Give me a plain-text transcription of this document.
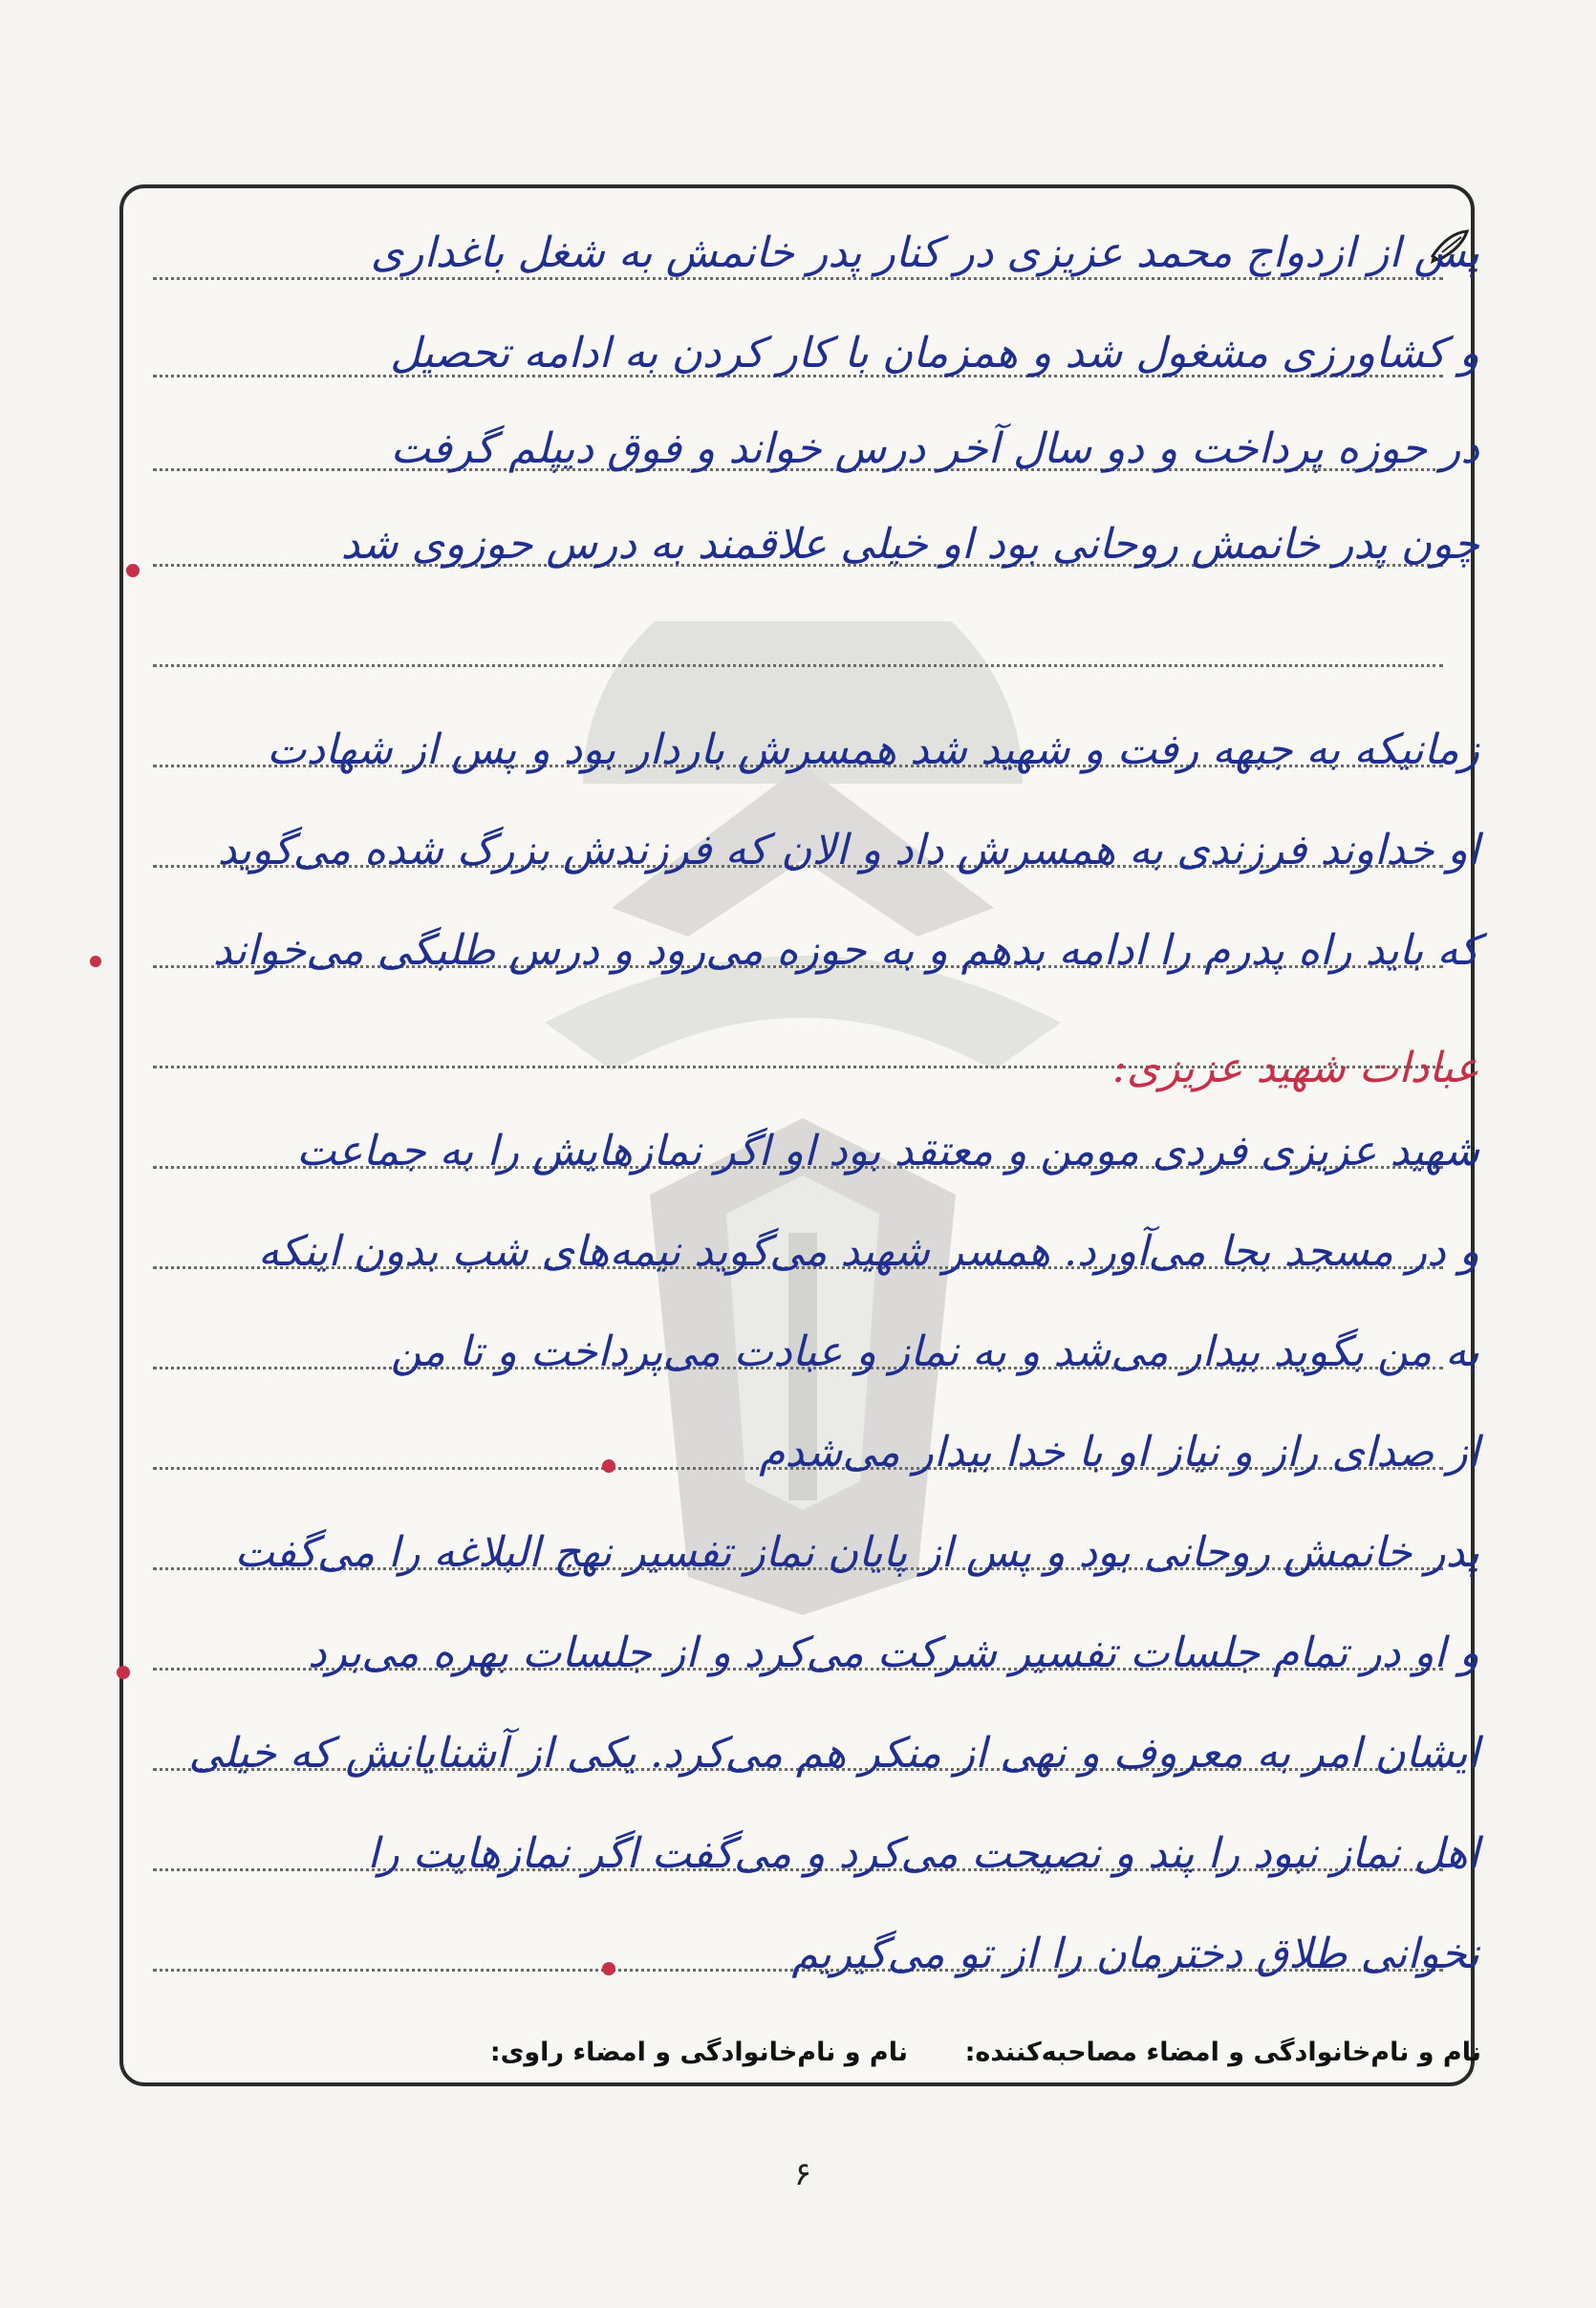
پس از ازدواج محمد عزیزی در کنار پدر خانمش به شغل باغداری
و کشاورزی مشغول شد و همزمان با کار کردن به ادامه تحصیل
در حوزه پرداخت و دو سال آخر درس خواند و فوق دیپلم گرفت
چون پدر خانمش روحانی بود او خیلی علاقمند به درس حوزوی شد
زمانیکه به جبهه رفت و شهید شد همسرش باردار بود و پس از شهادت
او خداوند فرزندی به همسرش داد و الان که فرزندش بزرگ شده می‌گوید
که باید راه پدرم را ادامه بدهم و به حوزه می‌رود و درس طلبگی می‌خواند
عبادات شهید عزیزی:
شهید عزیزی فردی مومن و معتقد بود او اگر نمازهایش را به جماعت
و در مسجد بجا می‌آورد. همسر شهید می‌گوید نیمه‌های شب بدون اینکه
به من بگوید بیدار می‌شد و به نماز و عبادت می‌پرداخت و تا من
از صدای راز و نیاز او با خدا بیدار می‌شدم
پدر خانمش روحانی بود و پس از پایان نماز تفسیر نهج البلاغه را می‌گفت
و او در تمام جلسات تفسیر شرکت می‌کرد و از جلسات بهره می‌برد
ایشان امر به معروف و نهی از منکر هم می‌کرد. یکی از آشنایانش که خیلی
اهل نماز نبود را پند و نصیحت می‌کرد و می‌گفت اگر نمازهایت را
نخوانی طلاق دخترمان را از تو می‌گیریم
نام و نام‌خانوادگی و امضاء مصاحبه‌کننده:
نام و نام‌خانوادگی و امضاء راوی:
۶
